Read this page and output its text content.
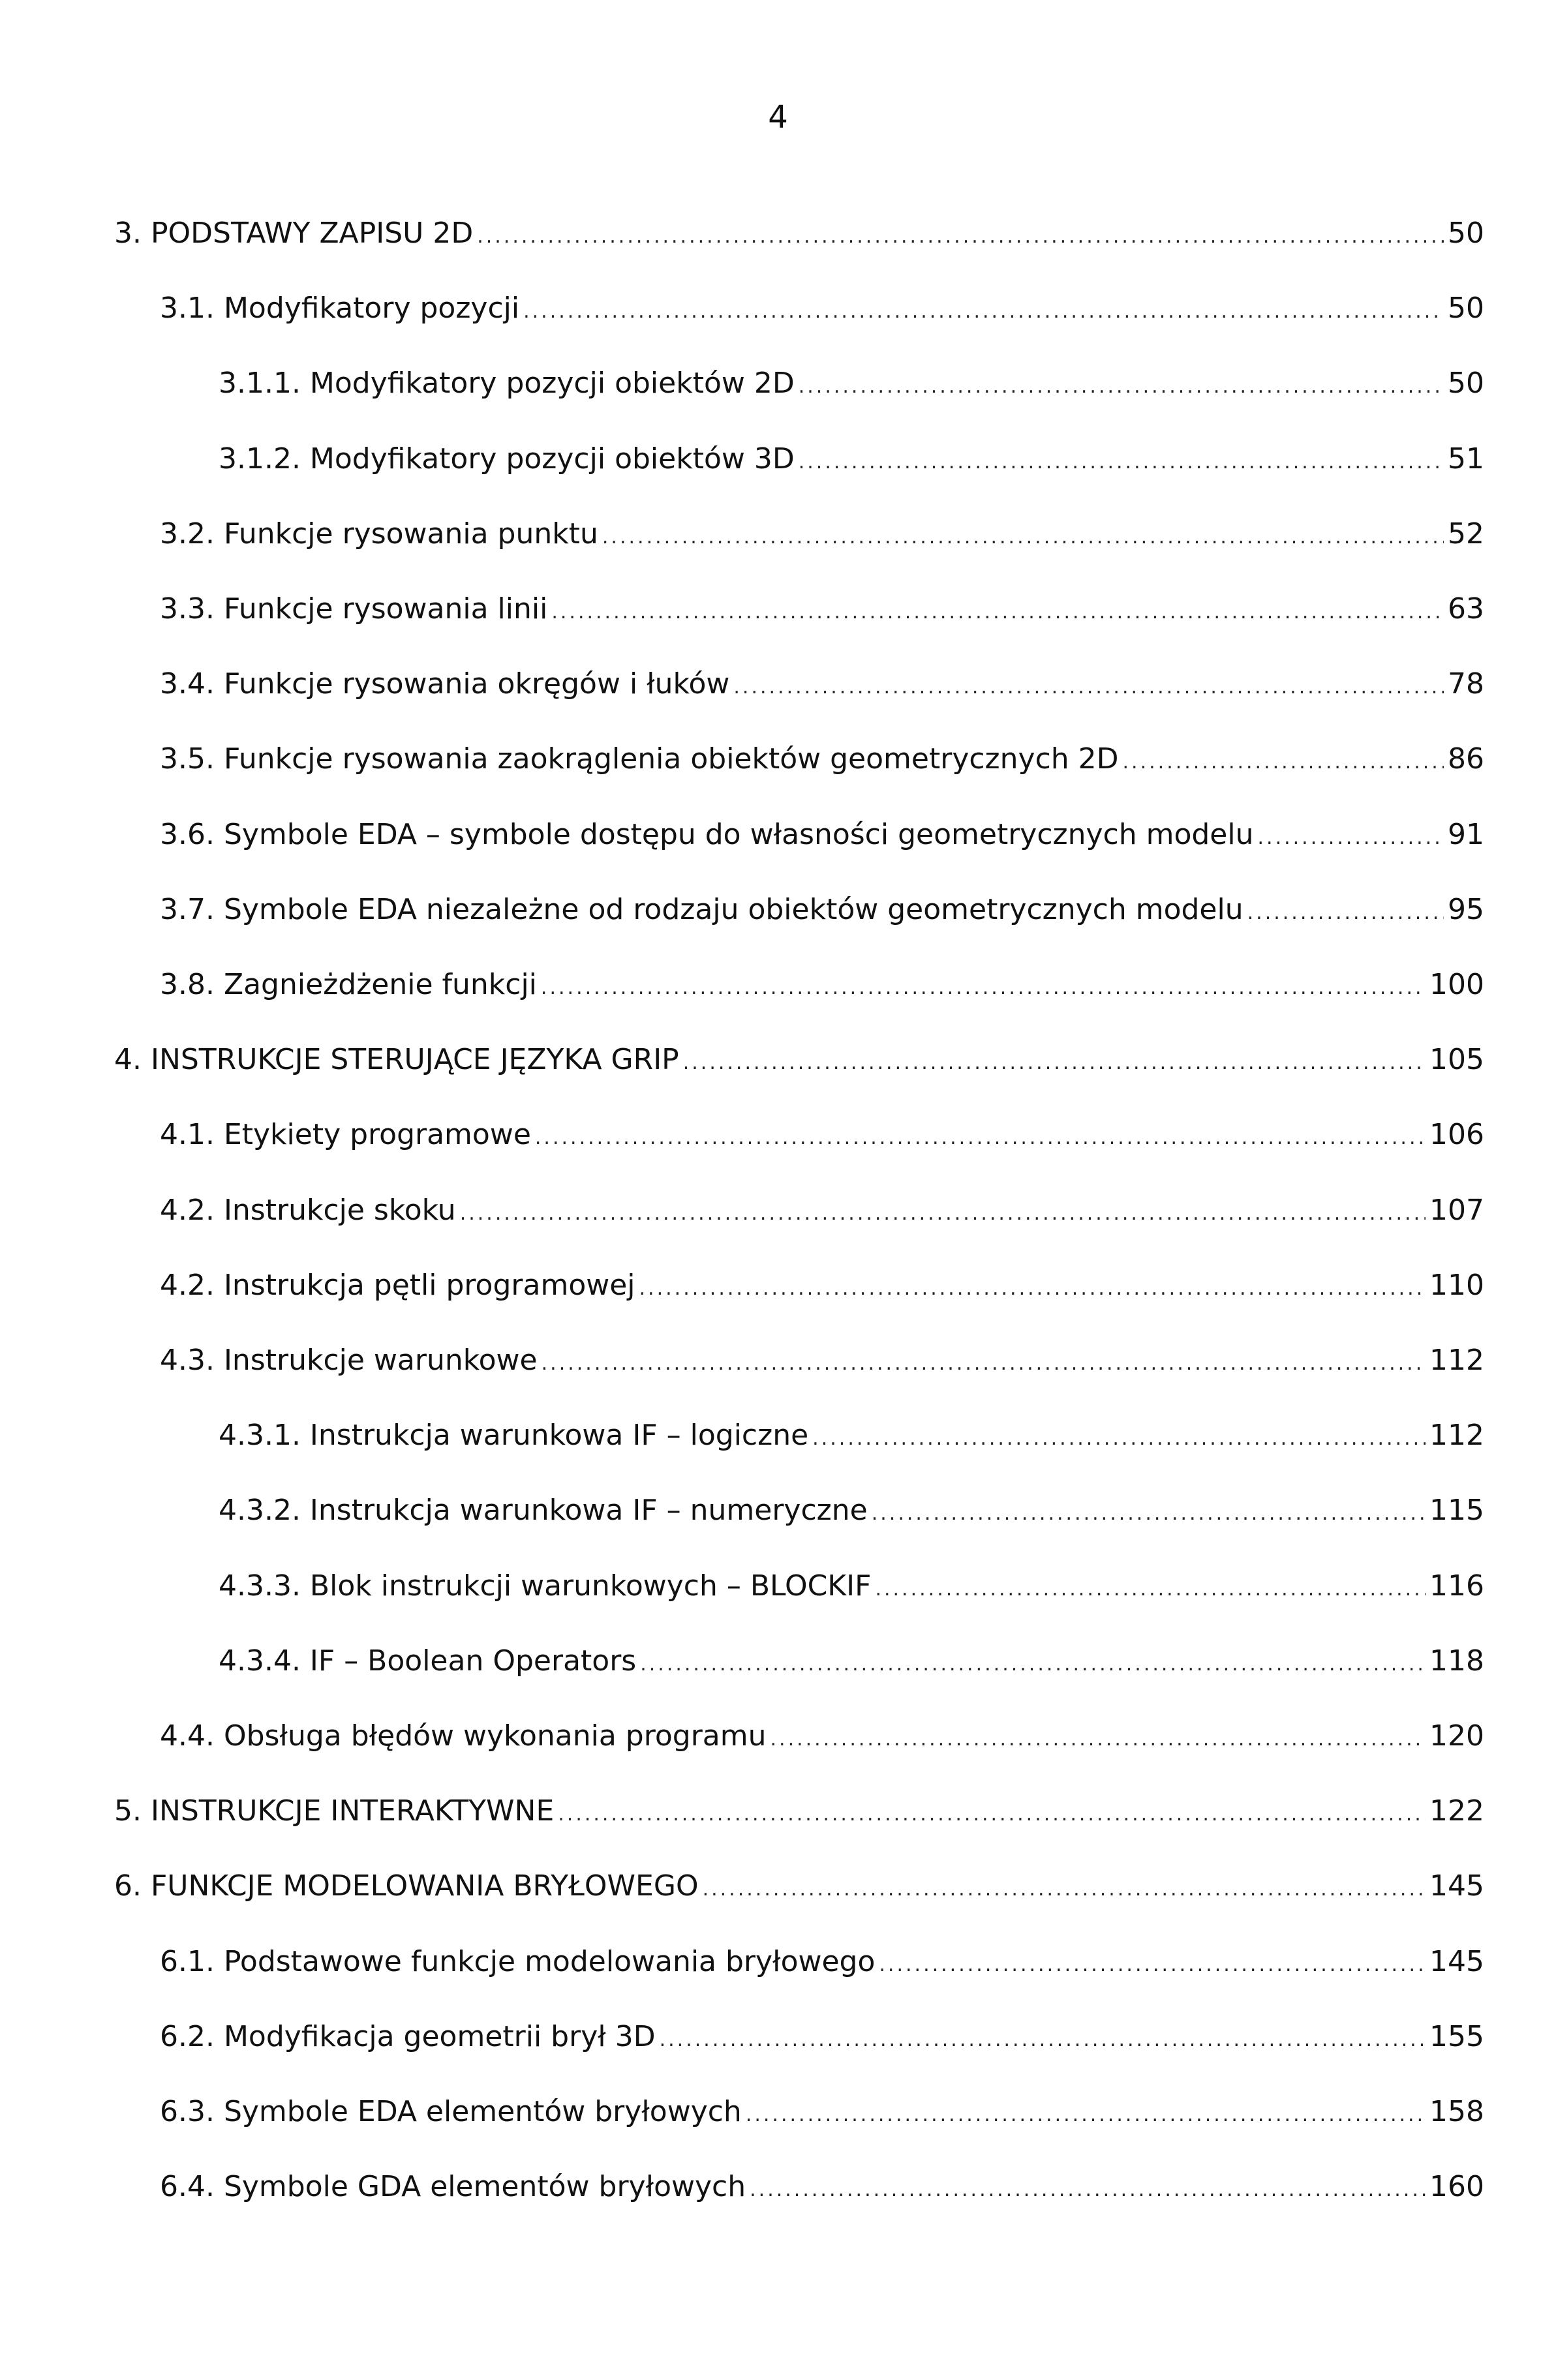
4
3. PODSTAWY ZAPISU 2D .....	50
3.1. Modyfikatory pozycji .....	50
3.1.1. Modyfikatory pozycji obiektów 2D .....	50
3.1.2. Modyfikatory pozycji obiektów 3D .....	51
3.2. Funkcje rysowania punktu .....	52
3.3. Funkcje rysowania linii .....	63
3.4. Funkcje rysowania okręgów i łuków .....	78
3.5. Funkcje rysowania zaokrąglenia obiektów geometrycznych 2D .....	86
3.6. Symbole EDA – symbole dostępu do własności geometrycznych modelu .....	91
3.7. Symbole EDA niezależne od rodzaju obiektów geometrycznych modelu .....	95
3.8. Zagnieżdżenie funkcji .....	100
4. INSTRUKCJE STERUJĄCE JĘZYKA GRIP .....	105
4.1. Etykiety programowe .....	106
4.2. Instrukcje skoku .....	107
4.2. Instrukcja pętli programowej .....	110
4.3. Instrukcje warunkowe .....	112
4.3.1. Instrukcja warunkowa IF – logiczne .....	112
4.3.2. Instrukcja warunkowa IF – numeryczne .....	115
4.3.3. Blok instrukcji warunkowych – BLOCKIF .....	116
4.3.4. IF – Boolean Operators .....	118
4.4. Obsługa błędów wykonania programu .....	120
5. INSTRUKCJE INTERAKTYWNE .....	122
6. FUNKCJE MODELOWANIA BRYŁOWEGO .....	145
6.1. Podstawowe funkcje modelowania bryłowego .....	145
6.2. Modyfikacja geometrii brył 3D .....	155
6.3. Symbole EDA elementów bryłowych .....	158
6.4. Symbole GDA elementów bryłowych .....	160
